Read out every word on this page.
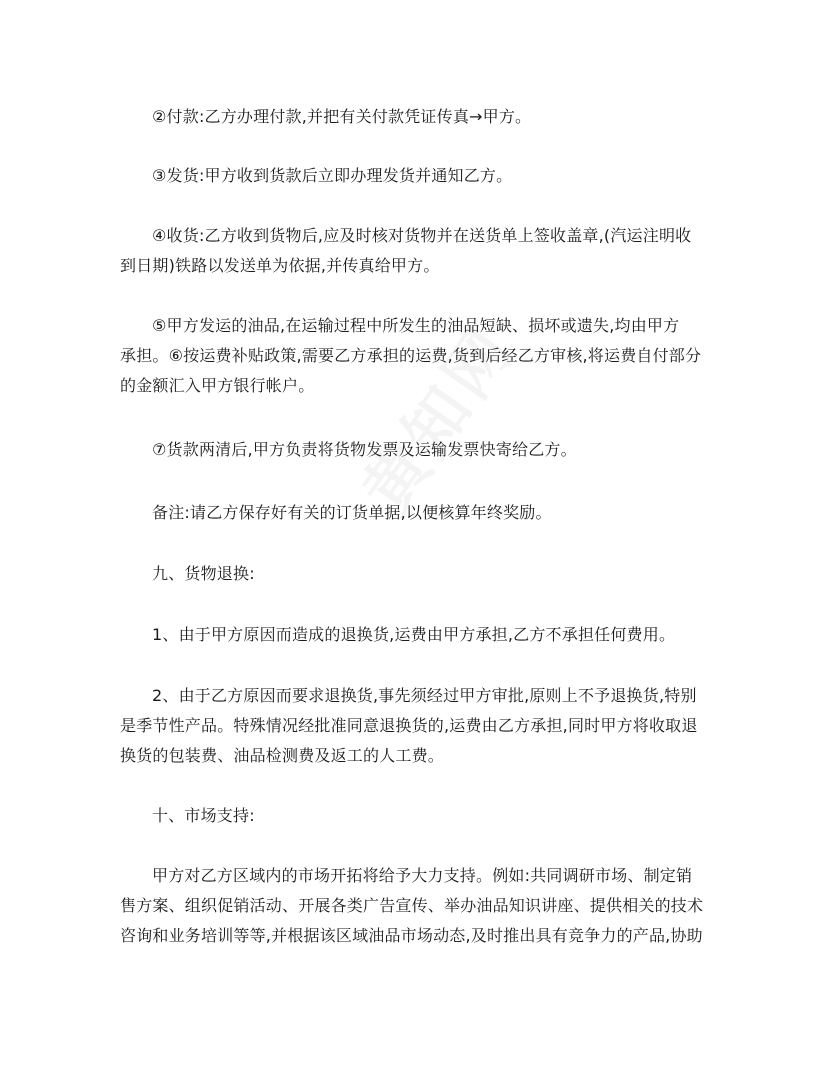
②付款:乙方办理付款,并把有关付款凭证传真→甲方。

③发货:甲方收到货款后立即办理发货并通知乙方。

④收货:乙方收到货物后,应及时核对货物并在送货单上签收盖章,(汽运注明收
到日期)铁路以发送单为依据,并传真给甲方。

⑤甲方发运的油品,在运输过程中所发生的油品短缺、损坏或遗失,均由甲方
承担。⑥按运费补贴政策,需要乙方承担的运费,货到后经乙方审核,将运费自付部分
的金额汇入甲方银行帐户。

⑦货款两清后,甲方负责将货物发票及运输发票快寄给乙方。

备注:请乙方保存好有关的订货单据,以便核算年终奖励。

九、货物退换:

1、由于甲方原因而造成的退换货,运费由甲方承担,乙方不承担任何费用。

2、由于乙方原因而要求退换货,事先须经过甲方审批,原则上不予退换货,特别
是季节性产品。特殊情况经批准同意退换货的,运费由乙方承担,同时甲方将收取退
换货的包装费、油品检测费及返工的人工费。

十、市场支持:

甲方对乙方区域内的市场开拓将给予大力支持。例如:共同调研市场、制定销
售方案、组织促销活动、开展各类广告宣传、举办油品知识讲座、提供相关的技术
咨询和业务培训等等,并根据该区域油品市场动态,及时推出具有竞争力的产品,协助
